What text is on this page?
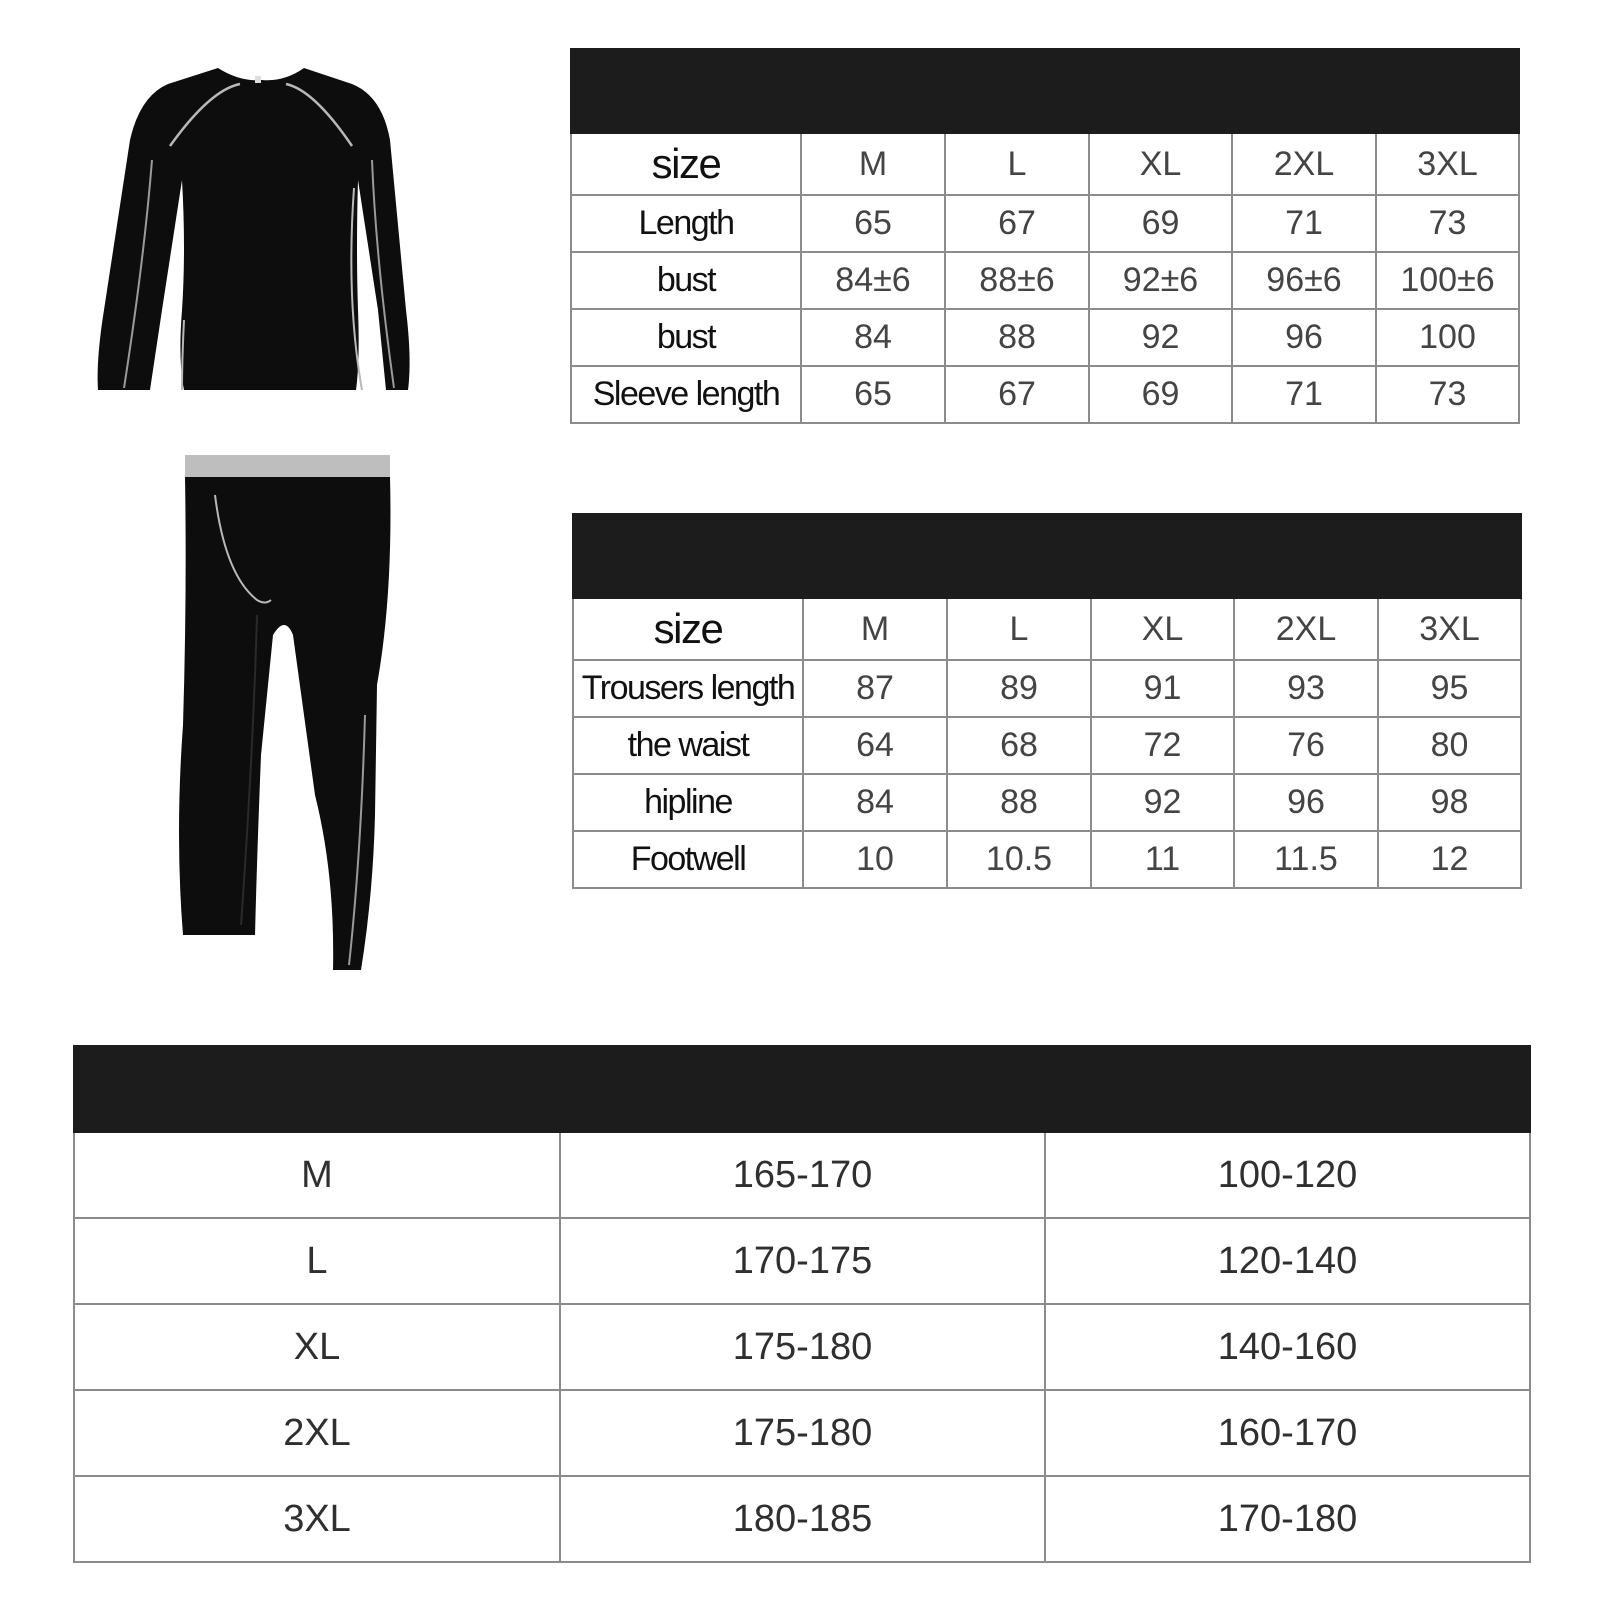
size	M	L	XL	2XL	3XL
Length	65	67	69	71	73
bust	84±6	88±6	92±6	96±6	100±6
bust	84	88	92	96	100
Sleeve length	65	67	69	71	73

size	M	L	XL	2XL	3XL
Trousers length	87	89	91	93	95
the waist	64	68	72	76	80
hipline	84	88	92	96	98
Footwell	10	10.5	11	11.5	12

M	165-170	100-120
L	170-175	120-140
XL	175-180	140-160
2XL	175-180	160-170
3XL	180-185	170-180
